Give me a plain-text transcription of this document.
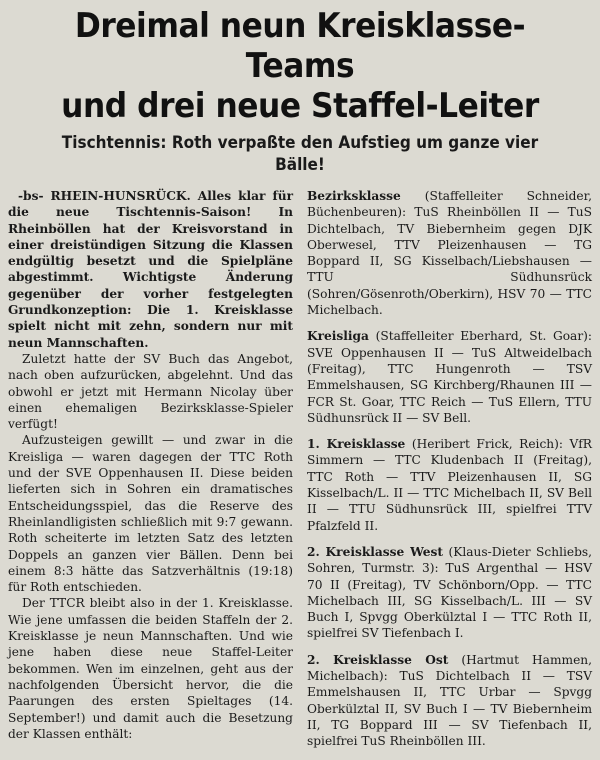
Dreimal neun Kreisklasse-Teams
und drei neue Staffel-Leiter
Tischtennis: Roth verpaßte den Aufstieg um ganze vier Bälle!

-bs- RHEIN-HUNSRÜCK. Alles klar für die neue Tischtennis-Saison! In Rheinböllen hat der Kreisvorstand in einer dreistündigen Sitzung die Klassen endgültig besetzt und die Spielpläne abgestimmt. Wichtigste Änderung gegenüber der vorher festgelegten Grundkonzeption: Die 1. Kreisklasse spielt nicht mit zehn, sondern nur mit neun Mannschaften.

Zuletzt hatte der SV Buch das Angebot, nach oben aufzurücken, abgelehnt. Und das obwohl er jetzt mit Hermann Nicolay über einen ehemaligen Bezirksklasse-Spieler verfügt!

Aufzusteigen gewillt — und zwar in die Kreisliga — waren dagegen der TTC Roth und der SVE Oppenhausen II. Diese beiden lieferten sich in Sohren ein dramatisches Entscheidungsspiel, das die Reserve des Rheinlandligisten schließlich mit 9:7 gewann. Roth scheiterte im letzten Satz des letzten Doppels an ganzen vier Bällen. Denn bei einem 8:3 hätte das Satzverhältnis (19:18) für Roth entschieden.

Der TTCR bleibt also in der 1. Kreisklasse. Wie jene umfassen die beiden Staffeln der 2. Kreisklasse je neun Mannschaften. Und wie jene haben diese neue Staffel-Leiter bekommen. Wen im einzelnen, geht aus der nachfolgenden Übersicht hervor, die die Paarungen des ersten Spieltages (14. September!) und damit auch die Besetzung der Klassen enthält:

Bezirksklasse (Staffelleiter Schneider, Büchenbeuren): TuS Rheinböllen II — TuS Dichtelbach, TV Biebernheim gegen DJK Oberwesel, TTV Pleizenhausen — TG Boppard II, SG Kisselbach/Liebshausen — TTU Südhunsrück (Sohren/Gösenroth/Oberkirn), HSV 70 — TTC Michelbach.

Kreisliga (Staffelleiter Eberhard, St. Goar): SVE Oppenhausen II — TuS Altweidelbach (Freitag), TTC Hungenroth — TSV Emmelshausen, SG Kirchberg/Rhaunen III — FCR St. Goar, TTC Reich — TuS Ellern, TTU Südhunsrück II — SV Bell.

1. Kreisklasse (Heribert Frick, Reich): VfR Simmern — TTC Kludenbach II (Freitag), TTC Roth — TTV Pleizenhausen II, SG Kisselbach/L. II — TTC Michelbach II, SV Bell II — TTU Südhunsrück III, spielfrei TTV Pfalzfeld II.

2. Kreisklasse West (Klaus-Dieter Schliebs, Sohren, Turmstr. 3): TuS Argenthal — HSV 70 II (Freitag), TV Schönborn/Opp. — TTC Michelbach III, SG Kisselbach/L. III — SV Buch I, Spvgg Oberkülztal I — TTC Roth II, spielfrei SV Tiefenbach I.

2. Kreisklasse Ost (Hartmut Hammen, Michelbach): TuS Dichtelbach II — TSV Emmelshausen II, TTC Urbar — Spvgg Oberkülztal II, SV Buch I — TV Biebernheim II, TG Boppard III — SV Tiefenbach II, spielfrei TuS Rheinböllen III.
